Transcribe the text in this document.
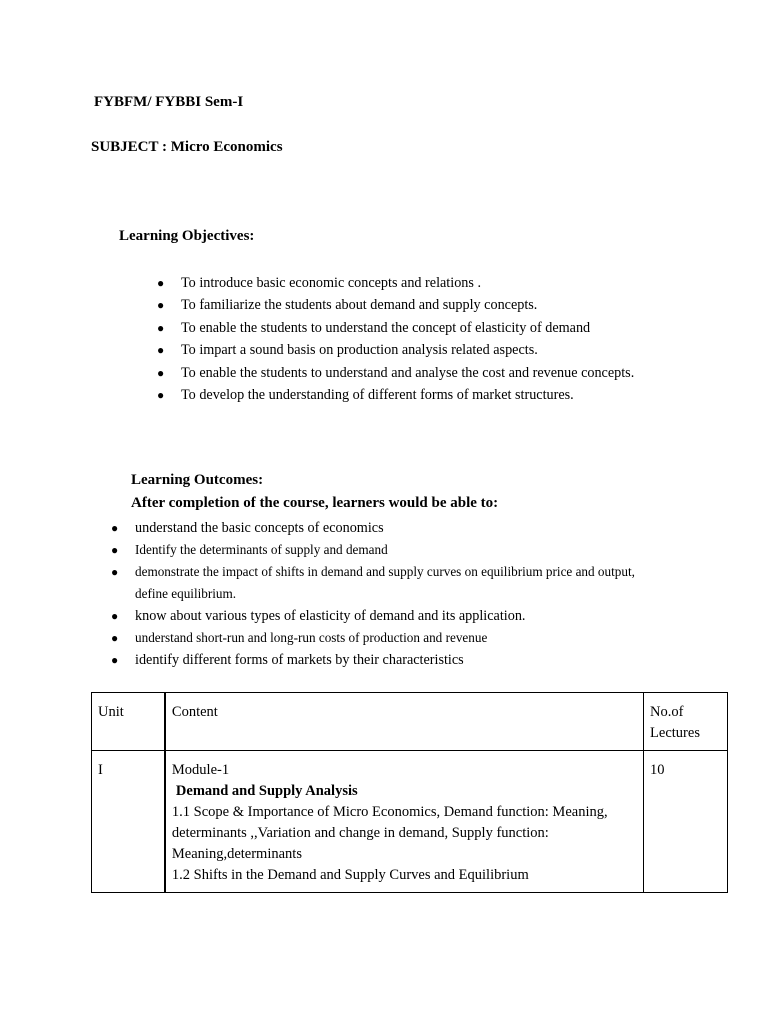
FYBFM/ FYBBI Sem-I
SUBJECT : Micro Economics
Learning Objectives:
● To introduce basic economic concepts and relations .
● To familiarize the students about demand and supply concepts.
● To enable the students to understand the concept of elasticity of demand
● To impart a sound basis on production analysis related aspects.
● To enable the students to understand and analyse the cost and revenue concepts.
● To develop the understanding of different forms of market structures.
Learning Outcomes:
After completion of the course, learners would be able to:
● understand the basic concepts of economics
● Identify the determinants of supply and demand
● demonstrate the impact of shifts in demand and supply curves on equilibrium price and output, define equilibrium.
● know about various types of elasticity of demand and its application.
● understand short-run and long-run costs of production and revenue
● identify different forms of markets by their characteristics
Unit	Content	No.of Lectures
I	Module-1
Demand and Supply Analysis
1.1 Scope & Importance of Micro Economics, Demand function: Meaning, determinants ,,Variation and change in demand, Supply function: Meaning,determinants
1.2 Shifts in the Demand and Supply Curves and Equilibrium	10
